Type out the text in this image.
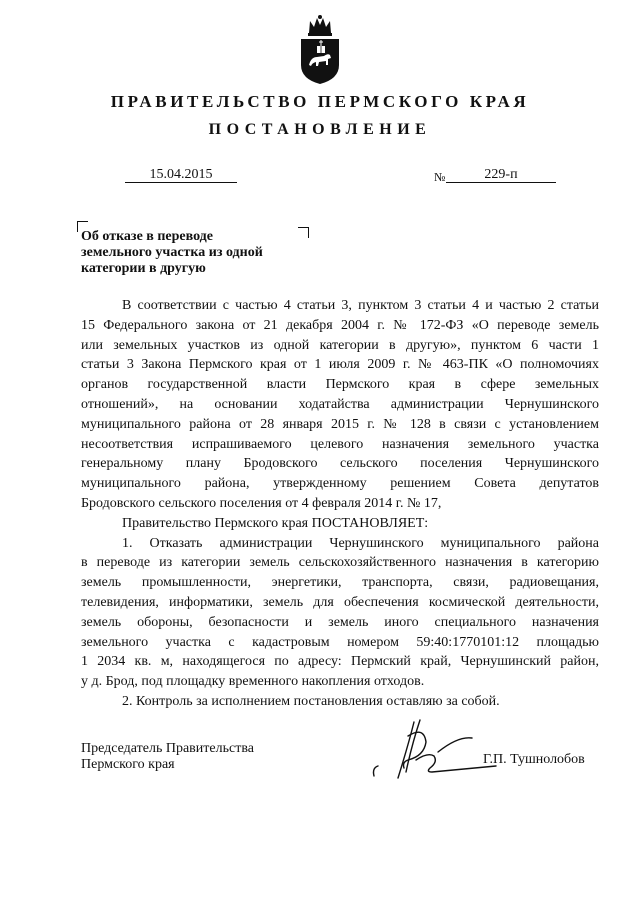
ПРАВИТЕЛЬСТВО ПЕРМСКОГО КРАЯ
ПОСТАНОВЛЕНИЕ
15.04.2015	№	229-п
Об отказе в переводе
земельного участка из одной
категории в другую
В соответствии с частью 4 статьи 3, пунктом 3 статьи 4 и частью 2 статьи
15 Федерального закона от 21 декабря 2004 г. № 172-ФЗ «О переводе земель
или земельных участков из одной категории в другую», пунктом 6 части 1
статьи 3 Закона Пермского края от 1 июля 2009 г. № 463-ПК «О полномочиях
органов государственной власти Пермского края в сфере земельных
отношений», на основании ходатайства администрации Чернушинского
муниципального района от 28 января 2015 г. № 128 в связи с установлением
несоответствия испрашиваемого целевого назначения земельного участка
генеральному плану Бродовского сельского поселения Чернушинского
муниципального района, утвержденному решением Совета депутатов
Бродовского сельского поселения от 4 февраля 2014 г. № 17,
Правительство Пермского края ПОСТАНОВЛЯЕТ:
1. Отказать администрации Чернушинского муниципального района
в переводе из категории земель сельскохозяйственного назначения в категорию
земель промышленности, энергетики, транспорта, связи, радиовещания,
телевидения, информатики, земель для обеспечения космической деятельности,
земель обороны, безопасности и земель иного специального назначения
земельного участка с кадастровым номером 59:40:1770101:12 площадью
1 2034 кв. м, находящегося по адресу: Пермский край, Чернушинский район,
у д. Брод, под площадку временного накопления отходов.
2. Контроль за исполнением постановления оставляю за собой.
Председатель Правительства
Пермского края	Г.П. Тушнолобов
